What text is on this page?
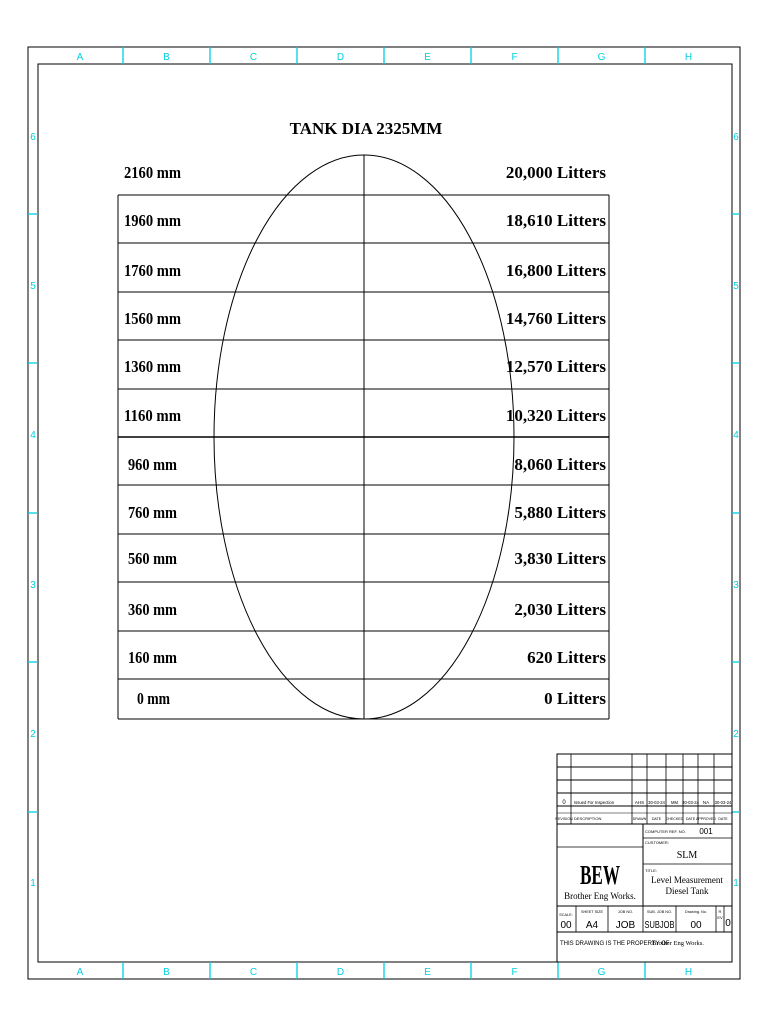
A
A
B
B
C
C
D
D
E
E
F
F
G
G
H
H
6	6
5	5
4	4
3	3
2	2
1	1
TANK DIA 2325MM
2160 mm	20,000 Litters
1960 mm	18,610 Litters
1760 mm	16,800 Litters
1560 mm	14,760 Litters
1360 mm	12,570 Litters
1160 mm	10,320 Litters
960 mm	8,060 Litters
760 mm	5,880 Litters
560 mm	3,830 Litters
360 mm	2,030 Litters
160 mm	620 Litters
0 mm	0 Litters
0 Issued For Inspection	AHS 30-03-24 MM 30-03-24 NA 30-03-24
REVISION DESCRIPTION	DRAWN DATE CHECKED DATE APPROVED DATE
COMPUTER REF. NO. 001
CUSTOMER:
SLM
BEW
Brother Eng Works.
TITLE:
Level Measurement
Diesel Tank
SCALE:
00
SHEET SIZE
A4
JOB NO.
JOB
SUB. JOB NO.
SUBJOB
Drawing. No.
00
R
EV
0
THIS DRAWING IS THE PROPERTY OF
Brother Eng Works.
